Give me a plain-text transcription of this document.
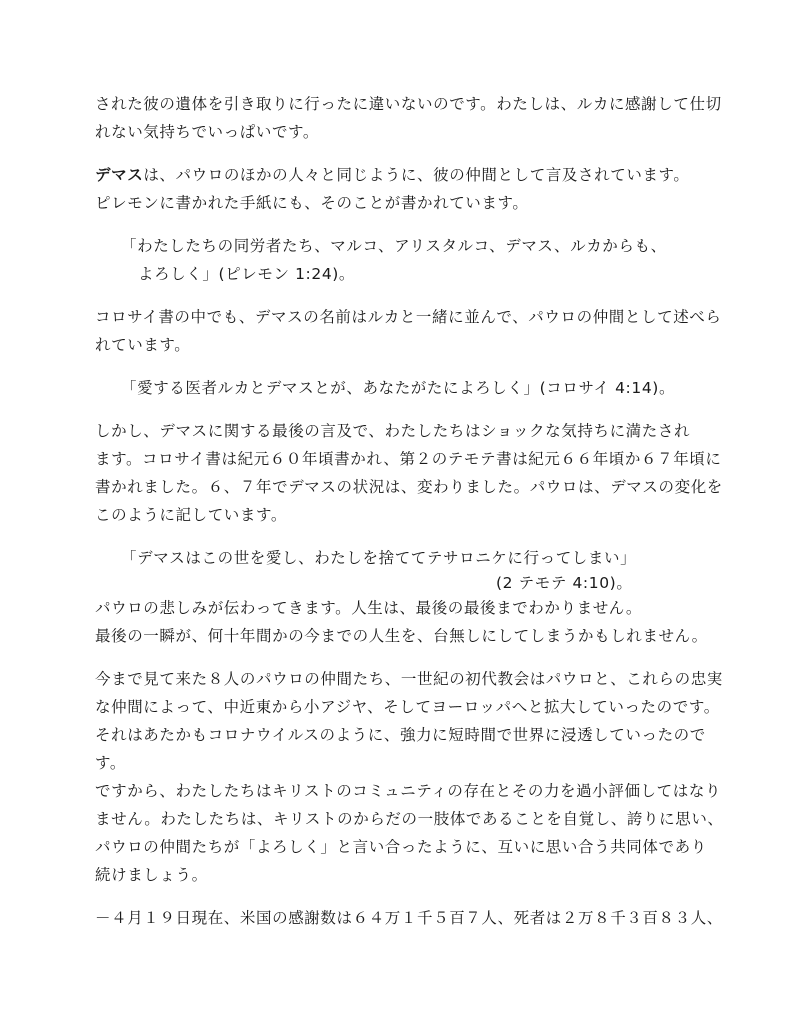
された彼の遺体を引き取りに行ったに違いないのです。わたしは、ルカに感謝して仕切
れない気持ちでいっぱいです。
デマスは、パウロのほかの人々と同じように、彼の仲間として言及されています。
ピレモンに書かれた手紙にも、そのことが書かれています。
「わたしたちの同労者たち、マルコ、アリスタルコ、デマス、ルカからも、
よろしく」(ピレモン 1:24)。
コロサイ書の中でも、デマスの名前はルカと一緒に並んで、パウロの仲間として述べら
れています。
「愛する医者ルカとデマスとが、あなたがたによろしく」(コロサイ 4:14)。
しかし、デマスに関する最後の言及で、わたしたちはショックな気持ちに満たされ
ます。コロサイ書は紀元６０年頃書かれ、第２のテモテ書は紀元６６年頃か６７年頃に
書かれました。６、７年でデマスの状況は、変わりました。パウロは、デマスの変化を
このように記しています。
「デマスはこの世を愛し、わたしを捨ててテサロニケに行ってしまい」
(2 テモテ 4:10)。
パウロの悲しみが伝わってきます。人生は、最後の最後までわかりません。
最後の一瞬が、何十年間かの今までの人生を、台無しにしてしまうかもしれません。
今まで見て来た８人のパウロの仲間たち、一世紀の初代教会はパウロと、これらの忠実
な仲間によって、中近東から小アジヤ、そしてヨーロッパへと拡大していったのです。
それはあたかもコロナウイルスのように、強力に短時間で世界に浸透していったので
す。
ですから、わたしたちはキリストのコミュニティの存在とその力を過小評価してはなり
ません。わたしたちは、キリストのからだの一肢体であることを自覚し、誇りに思い、
パウロの仲間たちが「よろしく」と言い合ったように、互いに思い合う共同体であり
続けましょう。
－４月１９日現在、米国の感謝数は６４万１千５百７人、死者は２万８千３百８３人、
